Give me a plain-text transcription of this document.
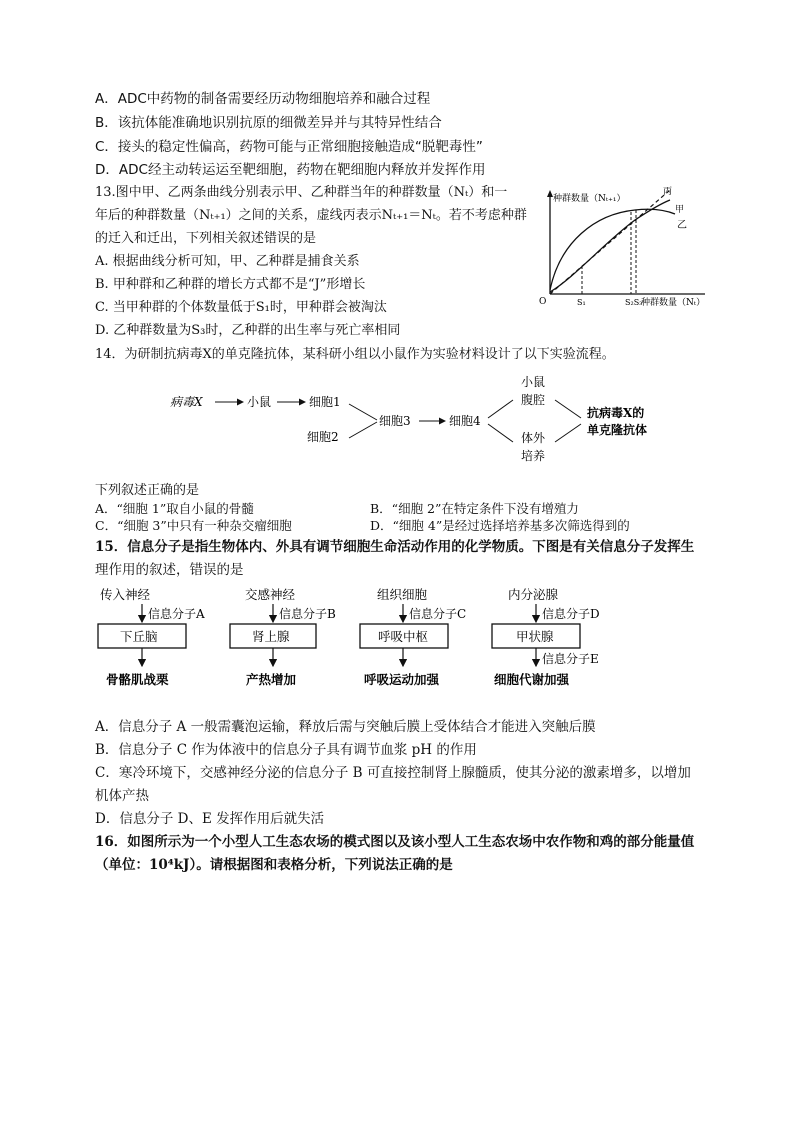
A．ADC中药物的制备需要经历动物细胞培养和融合过程
B．该抗体能准确地识别抗原的细微差异并与其特异性结合
C．接头的稳定性偏高，药物可能与正常细胞接触造成“脱靶毒性”
D．ADC经主动转运运至靶细胞，药物在靶细胞内释放并发挥作用
13.图中甲、乙两条曲线分别表示甲、乙种群当年的种群数量（Nₜ）和一
年后的种群数量（Nₜ₊₁）之间的关系，虚线丙表示Nₜ₊₁＝Nₜ。若不考虑种群
的迁入和迁出，下列相关叙述错误的是
A. 根据曲线分析可知，甲、乙种群是捕食关系
B. 甲种群和乙种群的增长方式都不是“J”形增长
C. 当甲种群的个体数量低于S₁时，甲种群会被淘汰
D. 乙种群数量为S₃时，乙种群的出生率与死亡率相同
种群数量（Nₜ₊₁）
O	S₁	S₂S₃
种群数量（Nₜ）
丙
甲
乙
14．为研制抗病毒X的单克隆抗体，某科研小组以小鼠作为实验材料设计了以下实验流程。
病毒X	小鼠	细胞1
细胞2
细胞3	细胞4
小鼠
腹腔
体外
培养
抗病毒X的
单克隆抗体
下列叙述正确的是
A．“细胞 1”取自小鼠的骨髓	B．“细胞 2”在特定条件下没有增殖力
C．“细胞 3”中只有一种杂交瘤细胞	D．“细胞 4”是经过选择培养基多次筛选得到的
15．信息分子是指生物体内、外具有调节细胞生命活动作用的化学物质。下图是有关信息分子发挥生
理作用的叙述，错误的是
传入神经
信息分子A
下丘脑
骨骼肌战栗
交感神经
信息分子B
肾上腺
产热增加
组织细胞
信息分子C
呼吸中枢
呼吸运动加强
内分泌腺
信息分子D
甲状腺
信息分子E
细胞代谢加强
A．信息分子 A 一般需囊泡运输，释放后需与突触后膜上受体结合才能进入突触后膜
B．信息分子 C 作为体液中的信息分子具有调节血浆 pH 的作用
C．寒冷环境下，交感神经分泌的信息分子 B 可直接控制肾上腺髓质，使其分泌的激素增多，以增加
机体产热
D．信息分子 D、E 发挥作用后就失活
16．如图所示为一个小型人工生态农场的模式图以及该小型人工生态农场中农作物和鸡的部分能量值
（单位：10⁴kJ）。请根据图和表格分析，下列说法正确的是
